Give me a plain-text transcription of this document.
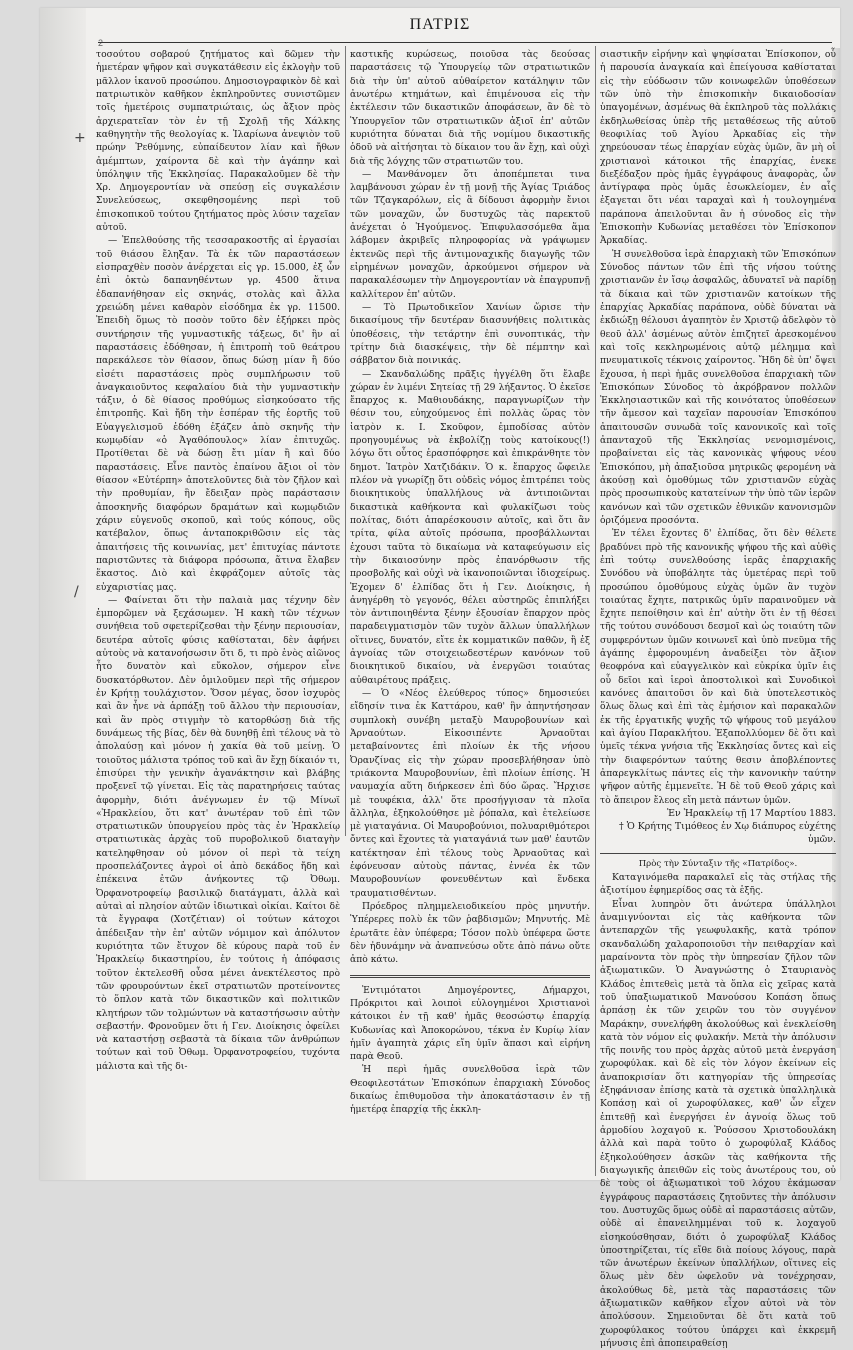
2
ΠΑΤΡΙΣ
+
/

τοσούτου σοβαρού ζητήματος καὶ δῶμεν τὴν ἡμετέραν ψῆφον καὶ συγκατάθεσιν εἰς ἐκλογὴν τοῦ μᾶλλον ἱκανοῦ προσώπου. Δημοσιογραφικὸν δὲ καὶ πατριωτικὸν καθῆκον ἐκπληροῦντες συνιστῶμεν τοῖς ἡμετέροις συμπατριώταις, ὡς ἄξιον πρὸς ἀρχιερατεῖαν τὸν ἐν τῇ Σχολῇ τῆς Χάλκης καθηγητὴν τῆς θεολογίας κ. Ἱλαρίωνα ἀνεψιὸν τοῦ πρώην Ῥεθύμνης, εὐπαίδευτον λίαν καὶ ἤθων ἀμέμπτων, χαίροντα δὲ καὶ τὴν ἀγάπην καὶ ὑπόληψιν τῆς Ἐκκλησίας. Παρακαλοῦμεν δὲ τὴν Χρ. Δημογεροντίαν νὰ σπεύσῃ εἰς συγκαλέσιν Συνελεύσεως, σκεφθησομένης περὶ τοῦ ἐπισκοπικοῦ τούτου ζητήματος πρὸς λύσιν ταχεῖαν αὐτοῦ.

— Ἐπελθούσης τῆς τεσσαρακοστῆς αἱ ἐργασίαι τοῦ θιάσου ἔληξαν. Τὰ ἐκ τῶν παραστάσεων εἰσπραχθὲν ποσὸν ἀνέρχεται εἰς γρ. 15.000, ἐξ ὧν ἐπὶ ὀκτὼ δαπανηθέντων γρ. 4500 ἅτινα ἐδαπανήθησαν εἰς σκηνάς, στολὰς καὶ ἄλλα χρειώδη μένει καθαρὸν εἰσόδημα ἐκ γρ. 11500. Ἐπειδὴ ὅμως τὸ ποσὸν τοῦτο δὲν ἐξήρκει πρὸς συντήρησιν τῆς γυμναστικῆς τάξεως, δι' ἣν αἱ παραστάσεις ἐδόθησαν, ἡ ἐπιτροπὴ τοῦ θεάτρου παρεκάλεσε τὸν θίασον, ὅπως δώσῃ μίαν ἢ δύο εἰσέτι παραστάσεις πρὸς συμπλήρωσιν τοῦ ἀναγκαιοῦντος κεφαλαίου διὰ τὴν γυμναστικὴν τάξιν, ὁ δὲ θίασος προθύμως εἰσηκούσατο τῆς ἐπιτροπῆς. Καὶ ἤδη τὴν ἑσπέραν τῆς ἑορτῆς τοῦ Εὐαγγελισμοῦ ἐδόθη ἐξάζεν ἀπὸ σκηνῆς τὴν κωμῳδίαν «ὁ Ἀγαθόπουλος» λίαν ἐπιτυχῶς. Προτίθεται δὲ νὰ δώσῃ ἔτι μίαν ἢ καὶ δύο παραστάσεις. Εἶνε παντὸς ἐπαίνου ἄξιοι οἱ τὸν θίασον «Εὐτέρπη» ἀποτελοῦντες διὰ τὸν ζῆλον καὶ τὴν προθυμίαν, ἣν ἔδειξαν πρὸς παράστασιν ἀποσκηνῆς διαφόρων δραμάτων καὶ κωμῳδιῶν χάριν εὐγενοῦς σκοποῦ, καὶ τούς κόπους, οὓς κατέβαλον, ὅπως ἀνταποκριθῶσιν εἰς τὰς ἀπαιτήσεις τῆς κοινωνίας, μετ' ἐπιτυχίας πάντοτε παριστῶντες τὰ διάφορα πρόσωπα, ἅτινα ἔλαβεν ἕκαστος. Διὸ καὶ ἐκφράζομεν αὐτοῖς τὰς εὐχαριστίας μας.

— Φαίνεται ὅτι τὴν παλαιὰ μας τέχνην δὲν ἐμπορῶμεν νὰ ξεχάσωμεν. Ἡ κακὴ τῶν τέχνων συνήθεια τοῦ σφετερίζεσθαι τὴν ξένην περιουσίαν, δευτέρα αὐτοῖς φύσις καθίσταται, δὲν ἀφήνει αὐτοὺς νὰ κατανοήσωσιν ὅτι δ, τι πρὸ ἑνὸς αἰῶνος ἦτο δυνατὸν καὶ εὔκολον, σήμερον εἶνε δυσκατόρθωτον. Δὲν ὁμιλοῦμεν περὶ τῆς σήμερον ἐν Κρήτῃ τουλάχιστον. Ὅσον μέγας, ὅσον ἰσχυρὸς καὶ ἂν ἦνε νὰ ἁρπάξῃ τοῦ ἄλλου τὴν περιουσίαν, καὶ ἂν πρὸς στιγμὴν τὸ κατορθώσῃ διὰ τῆς δυνάμεως τῆς βίας, δὲν θὰ δυνηθῇ ἐπὶ τέλους νὰ τὸ ἀπολαύσῃ καὶ μόνον ἡ χακία θὰ τοῦ μείνῃ. Ὁ τοιοῦτος μάλιστα τρόπος τοῦ καὶ ἂν ἔχῃ δίκαιόν τι, ἐπισύρει τὴν γενικὴν ἀγανάκτησιν καὶ βλάβης προξενεῖ τῷ γίνεται. Εἰς τὰς παρατηρήσεις ταύτας ἀφορμὴν, διότι ἀνέγνωμεν ἐν τῷ Μίνωϊ «Ἡρακλείου, ὅτι κατ' ἀνωτέραν τοῦ ἐπὶ τῶν στρατιωτικῶν ὑπουργείου πρὸς τὰς ἐν Ἡρακλείῳ στρατιωτικὰς ἀρχὰς τοῦ πυροβολικοῦ διαταγὴν κατεληφθησαν οὐ μόνον οἱ περὶ τὰ τείχη προσπελάζοντες ἀγροὶ οἱ ἀπὸ δεκάδος ἤδη καὶ ἐπέκεινα ἐτῶν ἀνήκοντες τῷ Ὀθωμ. Ὀρφανοτροφείῳ βασιλικῷ διατάγματι, ἀλλὰ καὶ αὐταὶ αἱ πλησίον αὐτῶν ἰδιωτικαὶ οἰκίαι. Καίτοι δὲ τὰ ἔγγραφα (Χοτζέτιαν) οἱ τούτων κάτοχοι ἀπέδειξαν τὴν ἐπ' αὐτῶν νόμιμον καὶ ἀπόλυτον κυριότητα τῶν ἔτυχον δὲ κύρους παρὰ τοῦ ἐν Ἡρακλείῳ δικαστηρίου, ἐν τούτοις ἡ ἀπόφασις τοῦτον ἐκτελεσθῆ οὖσα μένει ἀνεκτέλεστος πρὸ τῶν φρουρούντων ἐκεῖ στρατιωτῶν προτείνοντες τὸ ὅπλον κατὰ τῶν δικαστικῶν καὶ πολιτικῶν κλητήρων τῶν τολμώντων νὰ καταστήσωσιν αὐτὴν σεβαστήν. Φρονοῦμεν ὅτι ἡ Γεν. Διοίκησις ὀφείλει νὰ καταστήσῃ σεβαστὰ τὰ δίκαια τῶν ἀνθρώπων τούτων καὶ τοῦ Ὀθωμ. Ὀρφανοτροφείου, τυχόντα μάλιστα καὶ τῆς δι-

καστικῆς κυρώσεως, ποιοῦσα τὰς δεούσας παραστάσεις τῷ Ὑπουργείῳ τῶν στρατιωτικῶν διὰ τὴν ὑπ' αὐτοῦ αὐθαίρετον κατάληψιν τῶν ἀνωτέρω κτημάτων, καὶ ἐπιμένουσα εἰς τὴν ἐκτέλεσιν τῶν δικαστικῶν ἀποφάσεων, ἂν δὲ τὸ Ὑπουργεῖον τῶν στρατιωτικῶν ἀξιοῖ ἐπ' αὐτῶν κυριότητα δύναται διὰ τῆς νομίμου δικαστικῆς ὁδοῦ νὰ αἰτήσηται τὸ δίκαιον του ἂν ἔχῃ, καὶ οὐχὶ διὰ τῆς λόγχης τῶν στρατιωτῶν του.

— Μανθάνομεν ὅτι ἀποπέμπεται τινα λαμβάνουσι χώραν ἐν τῇ μονῇ τῆς Ἁγίας Τριάδος τῶν Τζαγκαρόλων, εἰς ἃ δίδουσι ἀφορμὴν ἔνιοι τῶν μοναχῶν, ὧν δυστυχῶς τὰς παρεκτοῦ ἀνέχεται ὁ Ἡγούμενος. Ἐπιφυλασσόμεθα ἅμα λάβομεν ἀκριβεῖς πληροφορίας νὰ γράψωμεν ἐκτενῶς περὶ τῆς ἀντιμοναχικῆς διαγωγῆς τῶν εἰρημένων μοναχῶν, ἀρκούμενοι σήμερον νὰ παρακαλέσωμεν τὴν Δημογεροντίαν νὰ ἐπαγρυπνῇ καλλίτερον ἐπ' αὐτῶν.

— Τὸ Πρωτοδικεῖον Χανίων ὥρισε τὴν δικασίμους τῆν δευτέραν διασυνήθεις πολιτικὰς ὑποθέσεις, τὴν τετάρτην ἐπὶ συνοπτικάς, τὴν τρίτην διὰ διασκέψεις, τὴν δὲ πέμπτην καὶ σάββατον διὰ ποινικάς.

— Σκανδαλώδης πρᾶξις ἠγγέλθη ὅτι ἔλαβε χώραν ἐν λιμένι Σητείας τῇ 29 λήξαντος. Ὁ ἐκεῖσε ἔπαρχος κ. Μαθιουδάκης, παραγνωρίζων τὴν θέσιν του, εὐηχούμενος ἐπὶ πολλὰς ὥρας τὸν ἰατρὸν κ. Ι. Σκοῦφον, ἐμποδίσας αὐτὸν προηγουμένως νὰ ἐκβολίζῃ τοὺς κατοίκους(!) λόγω ὅτι οὗτος ἐρασπόφρησε καὶ ἐπικράνθητε τὸν δημοτ. Ἰατρὸν Χατζιδάκιν. Ὁ κ. ἔπαρχος ὤφειλε πλέον νὰ γνωρίζῃ ὅτι οὐδεὶς νόμος ἐπιτρέπει τοὺς διοικητικοὺς ὑπαλλήλους νὰ ἀντιποιῶνται δικαστικὰ καθήκοντα καὶ φυλακίζωσι τοὺς πολίτας, διότι ἀπαρέσκουσιν αὐτοῖς, καὶ ὅτι ἂν τρίτα, φίλα αὐτοῖς πρόσωπα, προσβάλλωνται ἐχουσι ταῦτα τὸ δικαίωμα νὰ καταφεύγωσιν εἰς τὴν δικαιοσύνην πρὸς ἐπανόρθωσιν τῆς προσβολῆς καὶ οὐχὶ νὰ ἱκανοποιῶνται ἰδιοχείρως. Ἐχομεν δ' ἐλπίδας ὅτι ἡ Γεν. Διοίκησις, ἡ ἀνηγέρθη τὸ γεγονός, θέλει αὐστηρῶς ἐπιπλήξει τὸν ἀντιποιηθέντα ξένην ἐξουσίαν ἔπαρχον πρὸς παραδειγματισμὸν τῶν τυχὸν ἄλλων ὑπαλλήλων οἵτινες, δυνατόν, εἴτε ἐκ κομματικῶν παθῶν, ἢ ἐξ ἀγνοίας τῶν στοιχειωδεστέρων κανόνων τοῦ διοικητικοῦ δικαίου, νὰ ἐνεργῶσι τοιαύτας αὐθαιρέτους πράξεις.

— Ὁ «Νέος ἐλεύθερος τύπος» δημοσιεύει εἴδησίν τινα ἐκ Καττάρου, καθ' ἣν ἀπηντήσησαν συμπλοκὴ συνέβη μεταξὺ Μαυροβουνίων καὶ Ἀρναούτων. Εἰκοσιπέντε Ἀρναοῦται μεταβαίνοντες ἐπὶ πλοίων ἐκ τῆς νήσου Ὀρανζίνας εἰς τὴν χώραν προσεβλήθησαν ὑπὸ τριάκοντα Μαυροβουνίων, ἐπὶ πλοίων ἐπίσης. Ἡ ναυμαχία αὕτη διήρκεσεν ἐπὶ δύο ὥρας. Ἤρχισε μὲ τουφέκια, ἀλλ' ὅτε προσήγγισαν τὰ πλοῖα ἄλληλα, ἐξηκολούθησε μὲ ῥόπαλα, καὶ ἐτελείωσε μὲ γιαταγάνια. Οἱ Μαυροβούνιοι, πολυαριθμότεροι ὄντες καὶ ἔχοντες τὰ γιαταγάνιά των μαθ' ἑαυτῶν κατέκτησαν ἐπὶ τέλους τοὺς Ἀρναοῦτας καὶ ἐφόνευσαν αὐτοὺς πάντας, ἐννέα ἐκ τῶν Μαυροβουνίων φονευθέντων καὶ ἕνδεκα τραυματισθέντων.

Πρόεδρος πλημμελειοδικείου πρὸς μηνυτήν. Ὑπέρερες πολὺ ἐκ τῶν ῥαβδισμῶν; Μηνυτής. Μὲ ἐρωτᾶτε ἐὰν ὑπέφερα; Τόσον πολὺ ὑπέφερα ὥστε δὲν ἠδυνάμην νὰ ἀναπνεύσω οὔτε ἀπὸ πάνω οὔτε ἀπὸ κάτω.

Ἐντιμότατοι Δημογέροντες, Δήμαρχοι, Πρόκριτοι καὶ λοιποὶ εὐλογημένοι Χριστιανοὶ κάτοικοι ἐν τῇ καθ' ἡμᾶς θεοσώστῳ ἐπαρχίᾳ Κυδωνίας καὶ Ἀποκορώνου, τέκνα ἐν Κυρίῳ λίαν ἡμῖν ἀγαπητὰ χάρις εἴη ὑμῖν ἅπασι καὶ εἰρήνη παρὰ Θεοῦ.

Ἡ περὶ ἡμᾶς συνελθοῦσα ἱερὰ τῶν Θεοφιλεστάτων Ἐπισκόπων ἐπαρχιακὴ Σύνοδος δικαίως ἐπιθυμοῦσα τὴν ἀποκατάστασιν ἐν τῇ ἡμετέρᾳ ἐπαρχίᾳ τῆς ἐκκλη-

σιαστικῆν εἰρήνην καὶ ψηφίσαται Ἐπίσκοπον, οὗ ἡ παρουσία ἀναγκαία καὶ ἐπείγουσα καθίσταται εἰς τὴν εὐόδωσιν τῶν κοινωφελῶν ὑποθέσεων τῶν ὑπὸ τὴν ἐπισκοπικὴν δικαιοδοσίαν ὑπαγομένων, ἀσμένως θὰ ἐκπληροῦ τὰς πολλάκις ἐκδηλωθείσας ὑπὲρ τῆς μεταθέσεως τῆς αὐτοῦ θεοφιλίας τοῦ Ἁγίου Ἀρκαδίας εἰς τὴν χηρεύουσαν τέως ἐπαρχίαν εὐχὰς ὑμῶν, ἂν μὴ οἱ χριστιανοὶ κάτοικοι τῆς ἐπαρχίας, ἐνεκε διεξέδαξον πρὸς ἡμᾶς ἐγγράφους ἀναφορὰς, ὧν ἀντίγραφα πρὸς ὑμᾶς ἐσωκλείομεν, ἐν αἷς ἐξαγεται ὅτι νέαι ταραχαὶ καὶ ἡ τουλογημένα παράπονα ἀπειλοῦνται ἂν ἡ σύνοδος εἰς τὴν Ἐπισκοπὴν Κυδωνίας μεταθέσει τὸν Ἐπίσκοπον Ἀρκαδίας.

Ἡ συνελθοῦσα ἱερὰ ἐπαρχιακὴ τῶν Ἐπισκόπων Σύνοδος πάντων τῶν ἐπὶ τῆς νήσου τούτης χριστιανῶν ἐν ἴσῳ ἀσφαλῶς, ἀδυνατεῖ νὰ παρίδῃ τὰ δίκαια καὶ τῶν χριστιανῶν κατοίκων τῆς ἐπαρχίας Ἀρκαδίας παράπονα, οὐδὲ δύναται νὰ ἐκδιώξῃ θέλουσι ἀγαπητὸν ἐν Χριστῷ ἀδελφὸν τὸ θεοῦ ἀλλ' ἀσμένως αὐτὸν ἐπιζητεῖ ἀρεσκομένου καὶ τοῖς κεκληρωμένοις αὐτῷ μέλημμα καὶ πνευματικοῖς τέκνοις χαίροντος. Ἤδη δὲ ὑπ' ὄψει ἔχουσα, ἡ περὶ ἡμᾶς συνελθοῦσα ἐπαρχιακὴ τῶν Ἐπισκόπων Σύνοδος τὸ ἀκρόβρανον πολλῶν Ἐκκλησιαστικῶν καὶ τῆς κοινότατος ὑποθέσεων τῆν ἄμεσον καὶ ταχεῖαν παρουσίαν Ἐπισκόπου ἀπαιτουσῶν συνωδὰ τοῖς κανονικοῖς καὶ τοῖς ἀπανταχοῦ τῆς Ἐκκλησίας νενομισμένοις, προβαίνεται εἰς τὰς κανονικὰς ψήφους νέου Ἐπισκόπου, μὴ ἀπαξιοῦσα μητρικῶς φερομένη νὰ ἀκούσῃ καὶ ὁμοθύμως τῶν χριστιανῶν εὐχὰς πρὸς προσωπικοὺς κατατείνων τὴν ὑπὸ τῶν ἱερῶν κανόνων καὶ τῶν σχετικῶν ἐθνικῶν κανονισμῶν ὁριζόμενα προσόντα.

Ἐν τέλει ἔχοντες δ' ἐλπίδας, ὅτι δὲν θέλετε βραδύνει πρὸ τῆς κανονικῆς ψήφου τῆς καὶ αὐθὶς ἐπὶ τούτῳ συνελθούσης ἱερᾶς ἐπαρχιακῆς Συνόδου νὰ ὑποβάλητε τὰς ὑμετέρας περὶ τοῦ προσώπου ὁμοθύμους εὐχὰς ὑμῶν ἂν τυχὸν τοιαύτας ἔχητε, πατρικῶς ὑμῖν παραινοῦμεν νὰ ἔχητε πεποίθησιν καὶ ἐπ' αὐτὴν ὅτι ἐν τῇ θέσει τῆς τούτου συνόδουσι δεσμοῖ καὶ ὡς τοιαύτη τῶν συμφερόντων ὑμῶν κοινωνεῖ καὶ ὑπὸ πνεῦμα τῆς ἀγάπης ἐμφορουμένη ἀναδείξει τὸν ἄξιον θεοφρόνα καὶ εὐαγγελικὸν καὶ εὐκρίκα ὑμῖν ἐις οὗ δεῖοι καὶ ἱεροὶ ἀποστολικοὶ καὶ Συνοδικοὶ κανόνες ἀπαιτοῦσι ὃν καὶ διὰ ὑποτελεστικὸς ὅλως ὅλως καὶ ἐπὶ τὰς ἐμήσιον καὶ παρακαλῶν ἐκ τῆς ἐργατικῆς ψυχῆς τῷ ψήφους τοῦ μεγάλου καὶ ἁγίου Παρακλήτου. Ἐξαπολλύομεν δὲ ὅτι καὶ ὑμεῖς τέκνα γνήσια τῆς Ἐκκλησίας ὄντες καὶ εἰς τὴν διαφερόντων ταύτης θεσιν ἀποβλέποντες ἀπαρεγκλίτως πάντες εἰς τὴν κανονικὴν ταύτην ψῆφον αὐτῆς ἐμμενεῖτε. Ἡ δὲ τοῦ Θεοῦ χάρις καὶ τὸ ἄπειρον ἔλεος εἴη μετὰ πάντων ὑμῶν.

Ἐν Ἡρακλείῳ τῇ 17 Μαρτίου 1883.

† Ὁ Κρήτης Τιμόθεος ἐν Χῳ διάπυρος εὐχέτης ὑμῶν.

Πρὸς τὴν Σύνταξιν τῆς «Πατρίδος».

Καταγινόμεθα παρακαλεῖ εἰς τὰς στήλας τῆς ἀξιοτίμου ἐφημερίδος σας τὰ ἑξῆς.

Εἶναι λυπηρὸν ὅτι ἀνώτερα ὑπάλληλοι ἀναμιγνύονται εἰς τὰς καθήκοντα τῶν ἀντεπαρχῶν τῆς γεωφυλακῆς, κατὰ τρόπον σκανδαλώδη χαλαροποιοῦσι τὴν πειθαρχίαν καὶ μαραίνοντα τὸν πρὸς τὴν ὑπηρεσίαν ζῆλον τῶν ἀξιωματικῶν. Ὁ Ἀναγνώστης ὁ Σταυριανὸς Κλάδος ἐπιτεθεὶς μετὰ τὰ ὅπλα εἰς χεῖρας κατὰ τοῦ ὑπαξιωματικοῦ Μανούσου Κοπάση ὅπως ἁρπάσῃ ἐκ τῶν χειρῶν του τὸν συγγένον Μαράκην, συνελήφθη ἀκολούθως καὶ ἐνεκλείσθη κατὰ τὸν νόμον εἰς φυλακήν. Μετὰ τὴν ἀπόλυσιν τῆς ποινῆς του πρὸς ἀρχὰς αὐτοῦ μετὰ ἐνεργάση χωροφύλακ. καὶ δὲ εἰς τὸν λόγον ἐκείνων εἰς ἀναποκρισίαν ὅτι κατηγορίαν τῆς ὑπηρεσίας ἐξηφάνισαν ἐπίσης κατὰ τὰ σχετικὰ ὑπαλληλικὰ Κοπάσῃ καὶ οἱ χωροφύλακες, καθ' ὧν εἶχεν ἐπιτεθῇ καὶ ἐνεργήσει ἐν ἀγνοίᾳ ὅλως τοῦ ἀρμοδίου λοχαγοῦ κ. Ῥούσσου Χριστοδουλάκη ἀλλὰ καὶ παρὰ τοῦτο ὁ χωροφύλαξ Κλάδος ἐξηκολούθησεν ἀσκῶν τὰς καθήκοντα τῆς διαγωγικῆς ἀπειθῶν εἰς τοὺς ἀνωτέρους του, οὐ δὲ τοὺς οἱ ἀξιωματικοὶ τοῦ λόχου ἐκάμωσαν ἐγγράφους παραστάσεις ζητοῦντες τὴν ἀπόλυσιν του. Δυστυχῶς ὅμως οὐδὲ αἱ παραστάσεις αὐτῶν, οὐδὲ αἱ ἐπανειλημμέναι τοῦ κ. λοχαγοῦ εἰσηκούσθησαν, διότι ὁ χωροφύλαξ Κλάδος ὑποστηρίζεται, τίς εἴθε διὰ ποίους λόγους, παρὰ τῶν ἀνωτέρων ἐκείνων ὑπαλλήλων, οἵτινες εἰς ὅλως μὲν δὲν ὠφελοῦν νὰ τονέχρησαν, ἀκολούθως δὲ, μετὰ τὰς παραστάσεις τῶν ἀξιωματικῶν καθῆκον εἶχον αὐτοὶ νὰ τὸν ἀπολύσουν. Σημειοῦνται δὲ ὅτι κατὰ τοῦ χωροφύλακος τούτου ὑπάρχει καὶ ἐκκρεμῆ μήνυσις ἐπὶ ἀποπειραθείσῃ
